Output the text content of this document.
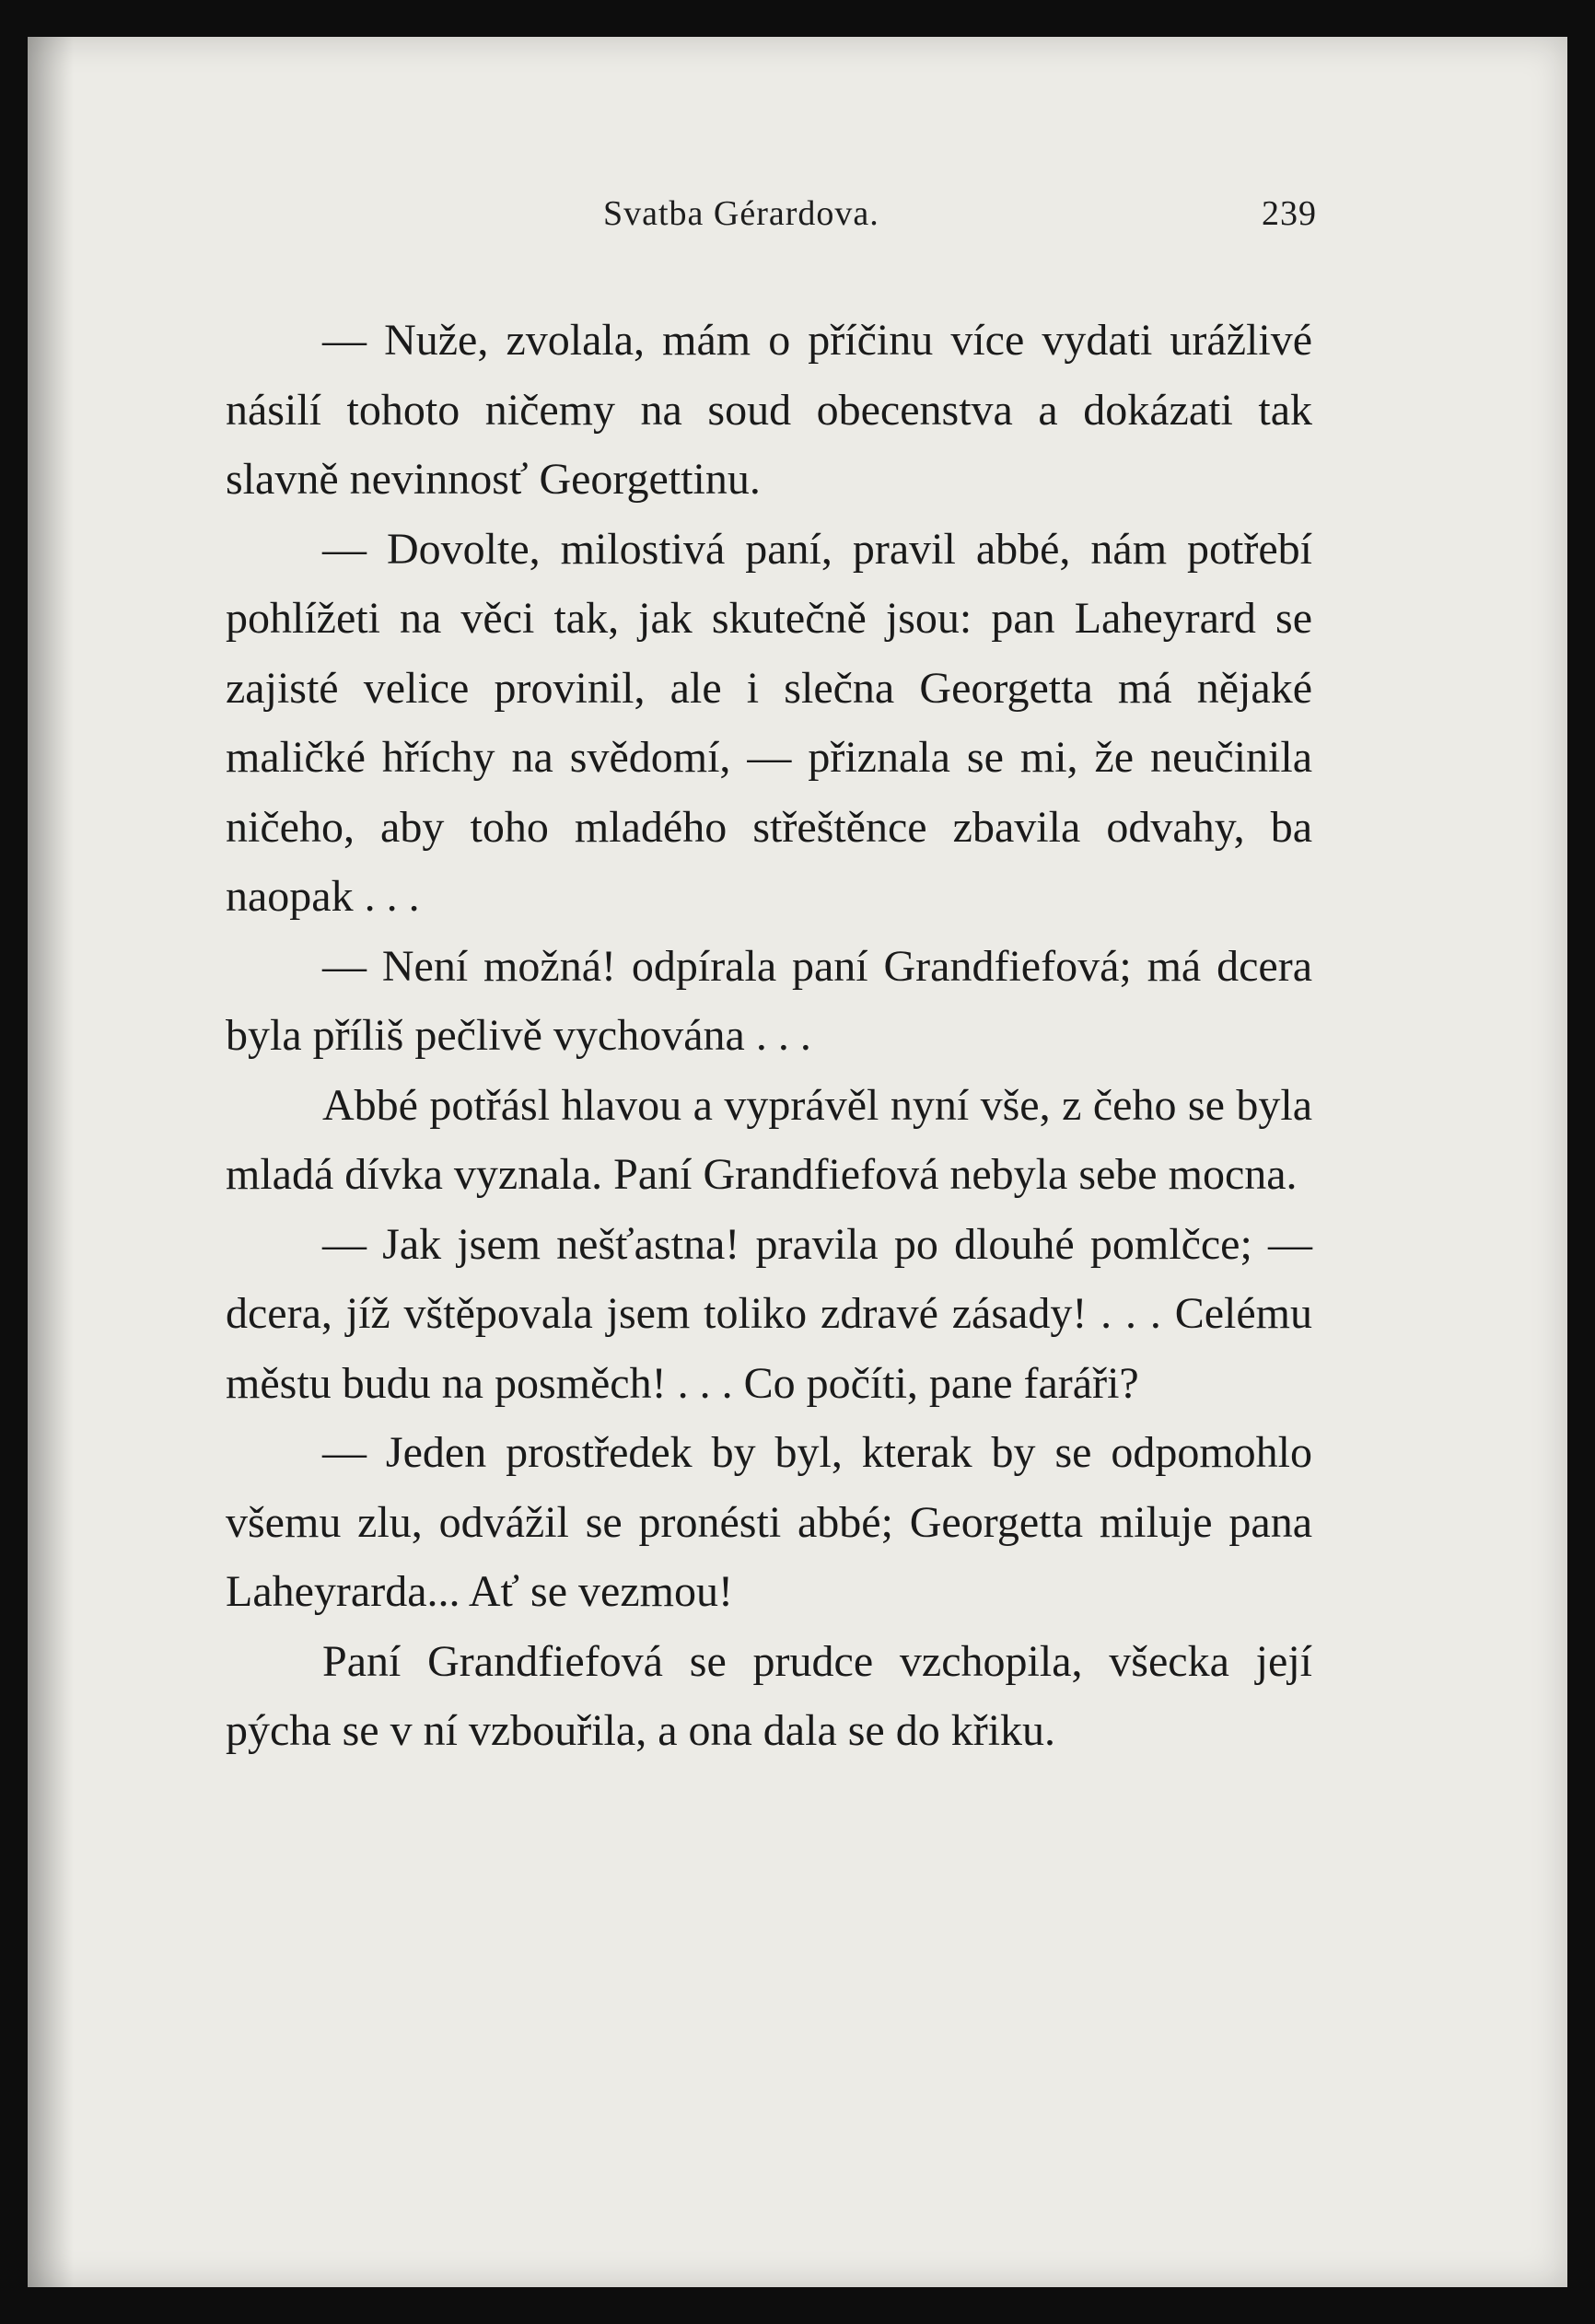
Svatba Gérardova.	239

— Nuže, zvolala, mám o příčinu více vydati urážlivé násilí tohoto ničemy na soud obecenstva a dokázati tak slavně nevinnosť Georgettinu.

— Dovolte, milostivá paní, pravil abbé, nám potřebí pohlížeti na věci tak, jak skutečně jsou: pan Laheyrard se zajisté velice provinil, ale i slečna Georgetta má nějaké maličké hříchy na svědomí, — přiznala se mi, že neučinila ničeho, aby toho mladého střeštěnce zbavila odvahy, ba naopak . . .

— Není možná! odpírala paní Grandfiefová; má dcera byla příliš pečlivě vychována . . .

Abbé potřásl hlavou a vyprávěl nyní vše, z čeho se byla mladá dívka vyznala. Paní Grandfiefová nebyla sebe mocna.

— Jak jsem nešťastna! pravila po dlouhé pomlčce; — dcera, jíž vštěpovala jsem toliko zdravé zásady! . . . Celému městu budu na posměch! . . . Co počíti, pane faráři?

— Jeden prostředek by byl, kterak by se odpomohlo všemu zlu, odvážil se pronésti abbé; Georgetta miluje pana Laheyrarda... Ať se vezmou!

Paní Grandfiefová se prudce vzchopila, všecka její pýcha se v ní vzbouřila, a ona dala se do křiku.
